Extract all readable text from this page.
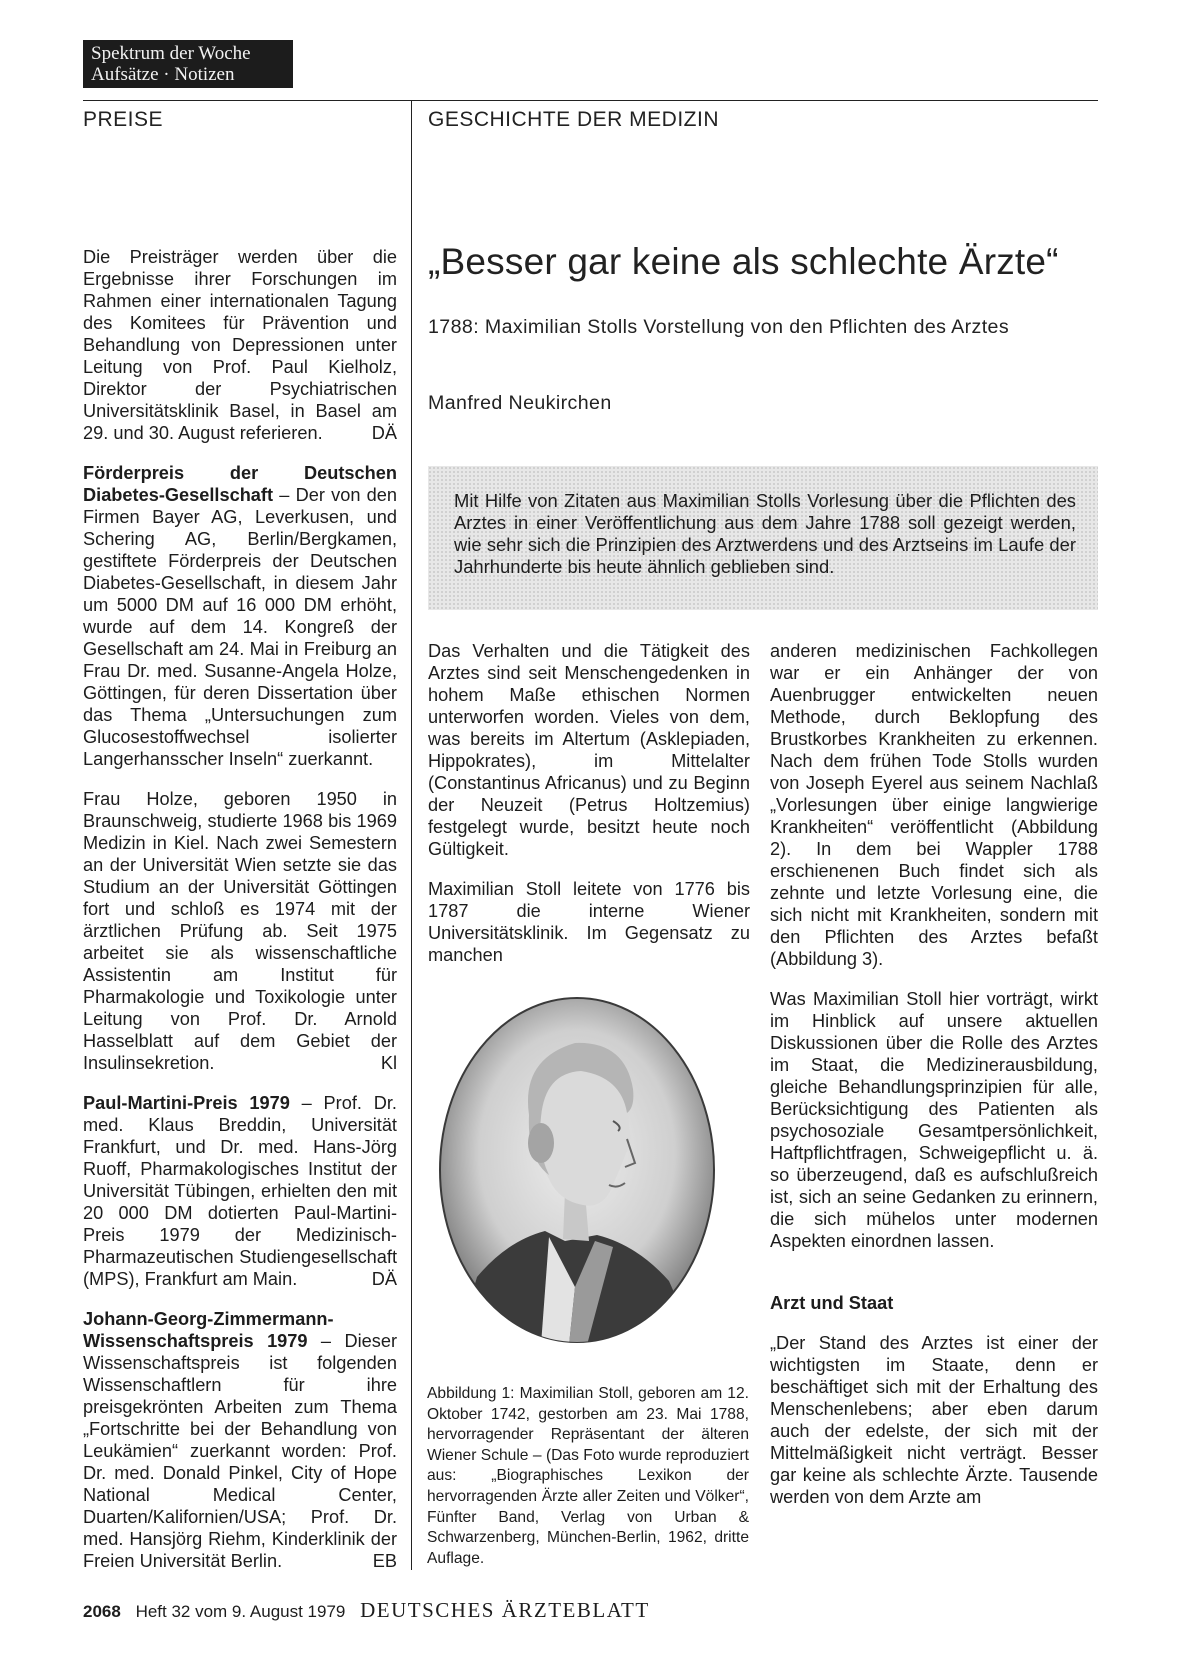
Spektrum der Woche
Aufsätze · Notizen
PREISE	GESCHICHTE DER MEDIZIN

Die Preisträger werden über die Ergebnisse ihrer Forschungen im Rahmen einer internationalen Tagung des Komitees für Prävention und Behandlung von Depressionen unter Leitung von Prof. Paul Kielholz, Direktor der Psychiatrischen Universitätsklinik Basel, in Basel am 29. und 30. August referieren.	DÄ

Förderpreis der Deutschen Diabetes-Gesellschaft – Der von den Firmen Bayer AG, Leverkusen, und Schering AG, Berlin/Bergkamen, gestiftete Förderpreis der Deutschen Diabetes-Gesellschaft, in diesem Jahr um 5000 DM auf 16 000 DM erhöht, wurde auf dem 14. Kongreß der Gesellschaft am 24. Mai in Freiburg an Frau Dr. med. Susanne-Angela Holze, Göttingen, für deren Dissertation über das Thema „Untersuchungen zum Glucosestoffwechsel isolierter Langerhansscher Inseln“ zuerkannt.

Frau Holze, geboren 1950 in Braunschweig, studierte 1968 bis 1969 Medizin in Kiel. Nach zwei Semestern an der Universität Wien setzte sie das Studium an der Universität Göttingen fort und schloß es 1974 mit der ärztlichen Prüfung ab. Seit 1975 arbeitet sie als wissenschaftliche Assistentin am Institut für Pharmakologie und Toxikologie unter Leitung von Prof. Dr. Arnold Hasselblatt auf dem Gebiet der Insulinsekretion.	Kl

Paul-Martini-Preis 1979 – Prof. Dr. med. Klaus Breddin, Universität Frankfurt, und Dr. med. Hans-Jörg Ruoff, Pharmakologisches Institut der Universität Tübingen, erhielten den mit 20 000 DM dotierten Paul-Martini-Preis 1979 der Medizinisch-Pharmazeutischen Studiengesellschaft (MPS), Frankfurt am Main.	DÄ

Johann-Georg-Zimmermann-Wissenschaftspreis 1979 – Dieser Wissenschaftspreis ist folgenden Wissenschaftlern für ihre preisgekrönten Arbeiten zum Thema „Fortschritte bei der Behandlung von Leukämien“ zuerkannt worden: Prof. Dr. med. Donald Pinkel, City of Hope National Medical Center, Duarten/Kalifornien/USA; Prof. Dr. med. Hansjörg Riehm, Kinderklinik der Freien Universität Berlin.	EB

„Besser gar keine als schlechte Ärzte“
1788: Maximilian Stolls Vorstellung von den Pflichten des Arztes
Manfred Neukirchen
Mit Hilfe von Zitaten aus Maximilian Stolls Vorlesung über die Pflichten des Arztes in einer Veröffentlichung aus dem Jahre 1788 soll gezeigt werden, wie sehr sich die Prinzipien des Arztwerdens und des Arztseins im Laufe der Jahrhunderte bis heute ähnlich geblieben sind.

Das Verhalten und die Tätigkeit des Arztes sind seit Menschengedenken in hohem Maße ethischen Normen unterworfen worden. Vieles von dem, was bereits im Altertum (Asklepiaden, Hippokrates), im Mittelalter (Constantinus Africanus) und zu Beginn der Neuzeit (Petrus Holtzemius) festgelegt wurde, besitzt heute noch Gültigkeit.

Maximilian Stoll leitete von 1776 bis 1787 die interne Wiener Universitätsklinik. Im Gegensatz zu manchen

Abbildung 1: Maximilian Stoll, geboren am 12. Oktober 1742, gestorben am 23. Mai 1788, hervorragender Repräsentant der älteren Wiener Schule – (Das Foto wurde reproduziert aus: „Biographisches Lexikon der hervorragenden Ärzte aller Zeiten und Völker“, Fünfter Band, Verlag von Urban & Schwarzenberg, München-Berlin, 1962, dritte Auflage.

anderen medizinischen Fachkollegen war er ein Anhänger der von Auenbrugger entwickelten neuen Methode, durch Beklopfung des Brustkorbes Krankheiten zu erkennen. Nach dem frühen Tode Stolls wurden von Joseph Eyerel aus seinem Nachlaß „Vorlesungen über einige langwierige Krankheiten“ veröffentlicht (Abbildung 2). In dem bei Wappler 1788 erschienenen Buch findet sich als zehnte und letzte Vorlesung eine, die sich nicht mit Krankheiten, sondern mit den Pflichten des Arztes befaßt (Abbildung 3).

Was Maximilian Stoll hier vorträgt, wirkt im Hinblick auf unsere aktuellen Diskussionen über die Rolle des Arztes im Staat, die Medizinerausbildung, gleiche Behandlungsprinzipien für alle, Berücksichtigung des Patienten als psychosoziale Gesamtpersönlichkeit, Haftpflichtfragen, Schweigepflicht u. ä. so überzeugend, daß es aufschlußreich ist, sich an seine Gedanken zu erinnern, die sich mühelos unter modernen Aspekten einordnen lassen.

Arzt und Staat

„Der Stand des Arztes ist einer der wichtigsten im Staate, denn er beschäftiget sich mit der Erhaltung des Menschenlebens; aber eben darum auch der edelste, der sich mit der Mittelmäßigkeit nicht verträgt. Besser gar keine als schlechte Ärzte. Tausende werden von dem Arzte am

2068 Heft 32 vom 9. August 1979 DEUTSCHES ÄRZTEBLATT
